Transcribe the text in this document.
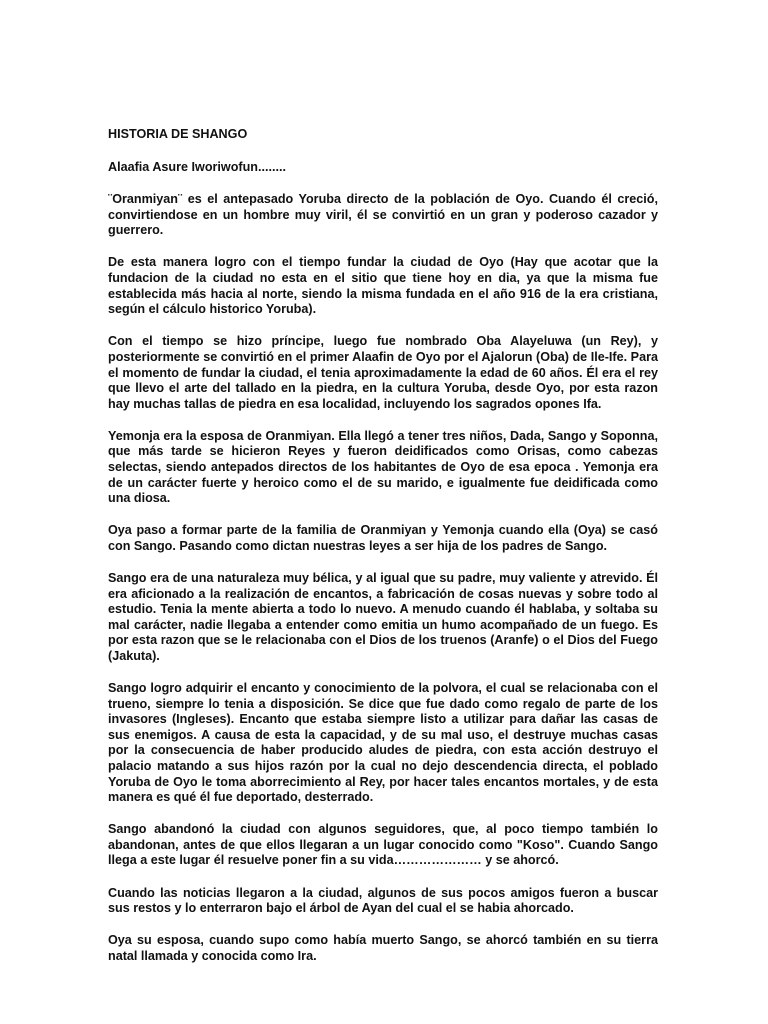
HISTORIA DE SHANGO
Alaafia Asure Iworiwofun........

¨Oranmiyan¨ es el antepasado Yoruba directo de la población de Oyo. Cuando él creció, convirtiendose en un hombre muy viril, él se convirtió en un gran y poderoso cazador y guerrero.

De esta manera logro con el tiempo fundar la ciudad de Oyo (Hay que acotar que la fundacion de la ciudad no esta en el sitio que tiene hoy en dia, ya que la misma fue establecida más hacia al norte, siendo la misma fundada en el año 916 de la era cristiana, según el cálculo historico Yoruba).

Con el tiempo se hizo príncipe, luego fue nombrado Oba Alayeluwa (un Rey), y posteriormente se convirtió en el primer Alaafin de Oyo por el Ajalorun (Oba) de Ile-Ife. Para el momento de fundar la ciudad, el tenia aproximadamente la edad de 60 años. Él era el rey que llevo el arte del tallado en la piedra, en la cultura Yoruba, desde Oyo, por esta razon hay muchas tallas de piedra en esa localidad, incluyendo los sagrados opones Ifa.

Yemonja era la esposa de Oranmiyan. Ella llegó a tener tres niños, Dada, Sango y Soponna, que más tarde se hicieron Reyes y fueron deidificados como Orisas, como cabezas selectas, siendo antepados directos de los habitantes de Oyo de esa epoca . Yemonja era de un carácter fuerte y heroico como el de su marido, e igualmente fue deidificada como una diosa.

Oya paso a formar parte de la familia de Oranmiyan y Yemonja cuando ella (Oya) se casó con Sango. Pasando como dictan nuestras leyes a ser hija de los padres de Sango.

Sango era de una naturaleza muy bélica, y al igual que su padre, muy valiente y atrevido. Él era aficionado a la realización de encantos, a fabricación de cosas nuevas y sobre todo al estudio. Tenia la mente abierta a todo lo nuevo. A menudo cuando él hablaba, y soltaba su mal carácter, nadie llegaba a entender como emitia un humo acompañado de un fuego. Es por esta razon que se le relacionaba con el Dios de los truenos (Aranfe) o el Dios del Fuego (Jakuta).

Sango logro adquirir el encanto y conocimiento de la polvora, el cual se relacionaba con el trueno, siempre lo tenia a disposición. Se dice que fue dado como regalo de parte de los invasores (Ingleses). Encanto que estaba siempre listo a utilizar para dañar las casas de sus enemigos. A causa de esta la capacidad, y de su mal uso, el destruye muchas casas por la consecuencia de haber producido aludes de piedra, con esta acción destruyo el palacio matando a sus hijos razón por la cual no dejo descendencia directa, el poblado Yoruba de Oyo le toma aborrecimiento al Rey, por hacer tales encantos mortales, y de esta manera es qué él fue deportado, desterrado.

Sango abandonó la ciudad con algunos seguidores, que, al poco tiempo también lo abandonan, antes de que ellos llegaran a un lugar conocido como "Koso". Cuando Sango llega a este lugar él resuelve poner fin a su vida………………… y se ahorcó.

Cuando las noticias llegaron a la ciudad, algunos de sus pocos amigos fueron a buscar sus restos y lo enterraron bajo el árbol de Ayan del cual el se habia ahorcado.

Oya su esposa, cuando supo como había muerto Sango, se ahorcó también en su tierra natal llamada y conocida como Ira.
